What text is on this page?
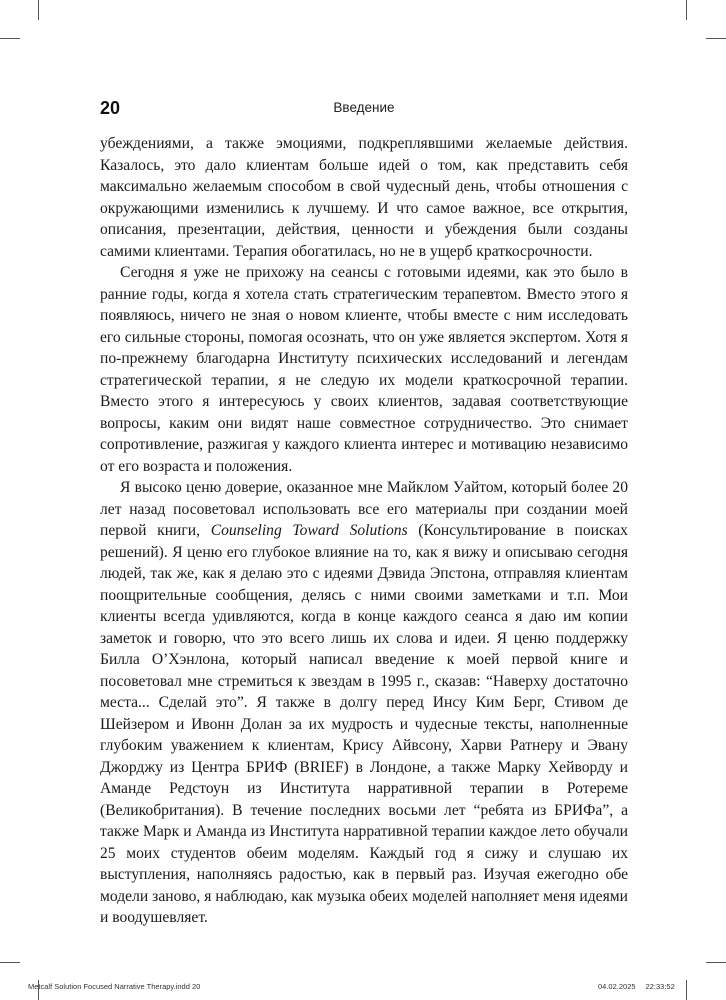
20	Введение

убеждениями, а также эмоциями, подкреплявшими желаемые действия. Казалось, это дало клиентам больше идей о том, как представить себя максимально желаемым способом в свой чудесный день, чтобы отношения с окружающими изменились к лучшему. И что самое важное, все открытия, описания, презентации, действия, ценности и убеждения были созданы самими клиентами. Терапия обогатилась, но не в ущерб краткосрочности.

Сегодня я уже не прихожу на сеансы с готовыми идеями, как это было в ранние годы, когда я хотела стать стратегическим терапевтом. Вместо этого я появляюсь, ничего не зная о новом клиенте, чтобы вместе с ним исследовать его сильные стороны, помогая осознать, что он уже является экспертом. Хотя я по-прежнему благодарна Институту психических исследований и легендам стратегической терапии, я не следую их модели краткосрочной терапии. Вместо этого я интересуюсь у своих клиентов, задавая соответствующие вопросы, каким они видят наше совместное сотрудничество. Это снимает сопротивление, разжигая у каждого клиента интерес и мотивацию независимо от его возраста и положения.

Я высоко ценю доверие, оказанное мне Майклом Уайтом, который более 20 лет назад посоветовал использовать все его материалы при создании моей первой книги, Counseling Toward Solutions (Консультирование в поисках решений). Я ценю его глубокое влияние на то, как я вижу и описываю сегодня людей, так же, как я делаю это с идеями Дэвида Эпстона, отправляя клиентам поощрительные сообщения, делясь с ними своими заметками и т.п. Мои клиенты всегда удивляются, когда в конце каждого сеанса я даю им копии заметок и говорю, что это всего лишь их слова и идеи. Я ценю поддержку Билла О’Хэнлона, который написал введение к моей первой книге и посоветовал мне стремиться к звездам в 1995 г., сказав: “Наверху достаточно места... Сделай это”. Я также в долгу перед Инсу Ким Берг, Стивом де Шейзером и Ивонн Долан за их мудрость и чудесные тексты, наполненные глубоким уважением к клиентам, Крису Айвсону, Харви Ратнеру и Эвану Джорджу из Центра БРИФ (BRIEF) в Лондоне, а также Марку Хейворду и Аманде Редстоун из Института нарративной терапии в Ротереме (Великобритания). В течение последних восьми лет “ребята из БРИФа”, а также Марк и Аманда из Института нарративной терапии каждое лето обучали 25 моих студентов обеим моделям. Каждый год я сижу и слушаю их выступления, наполняясь радостью, как в первый раз. Изучая ежегодно обе модели заново, я наблюдаю, как музыка обеих моделей наполняет меня идеями и воодушевляет.

Metcalf Solution Focused Narrative Therapy.indd 20	04.02.2025 22:33:52
